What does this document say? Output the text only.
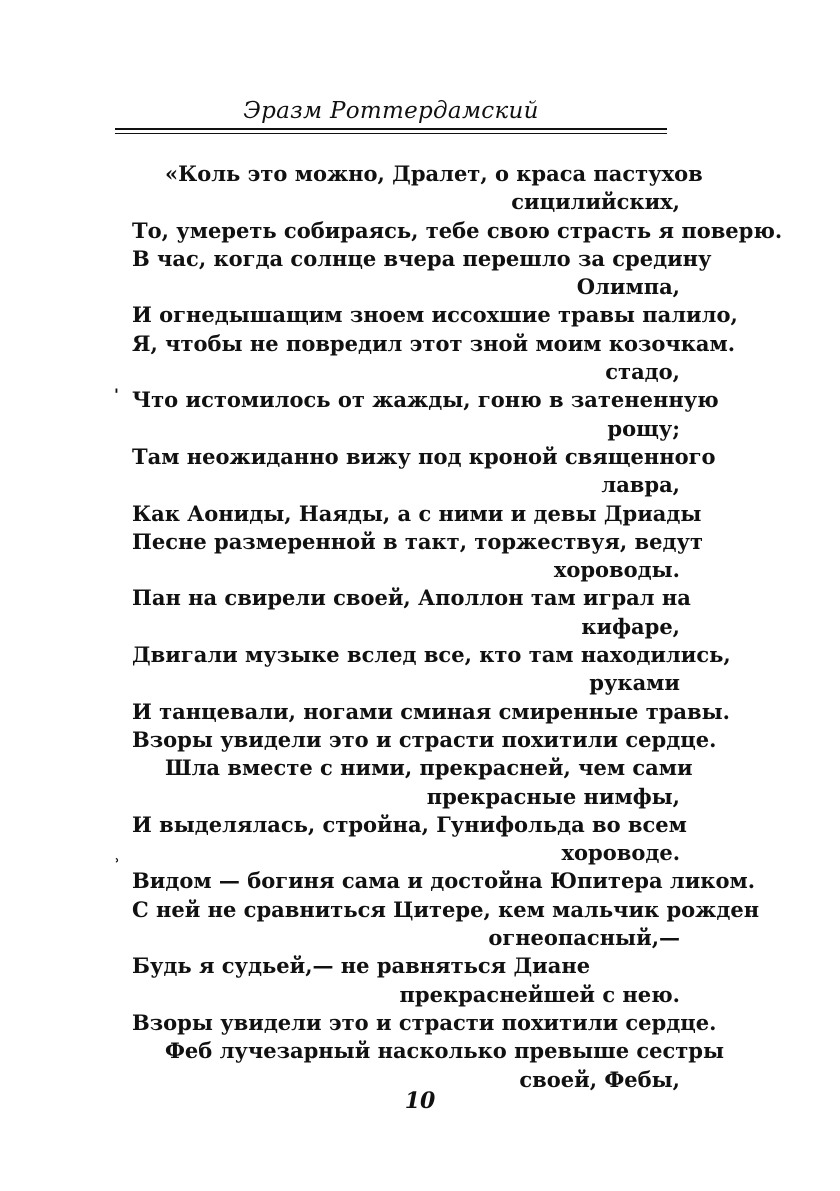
Эразм Роттердамский
«Коль это можно, Дралет, о краса пастухов
сицилийских,
То, умереть собираясь, тебе свою страсть я поверю.
В час, когда солнце вчера перешло за средину
Олимпа,
И огнедышащим зноем иссохшие травы палило,
Я, чтобы не повредил этот зной моим козочкам.
стадо,
Что истомилось от жажды, гоню в затененную
рощу;
Там неожиданно вижу под кроной священного
лавра,
Как Аониды, Наяды, а с ними и девы Дриады
Песне размеренной в такт, торжествуя, ведут
хороводы.
Пан на свирели своей, Аполлон там играл на
кифаре,
Двигали музыке вслед все, кто там находились,
руками
И танцевали, ногами сминая смиренные травы.
Взоры увидели это и страсти похитили сердце.
Шла вместе с ними, прекрасней, чем сами
прекрасные нимфы,
И выделялась, стройна, Гунифольда во всем
хороводе.
Видом — богиня сама и достойна Юпитера ликом.
С ней не сравниться Цитере, кем мальчик рожден
огнеопасный,—
Будь я судьей,— не равняться Диане
прекраснейшей с нею.
Взоры увидели это и страсти похитили сердце.
Феб лучезарный насколько превыше сестры
своей, Фебы,
'
ʾ
10
